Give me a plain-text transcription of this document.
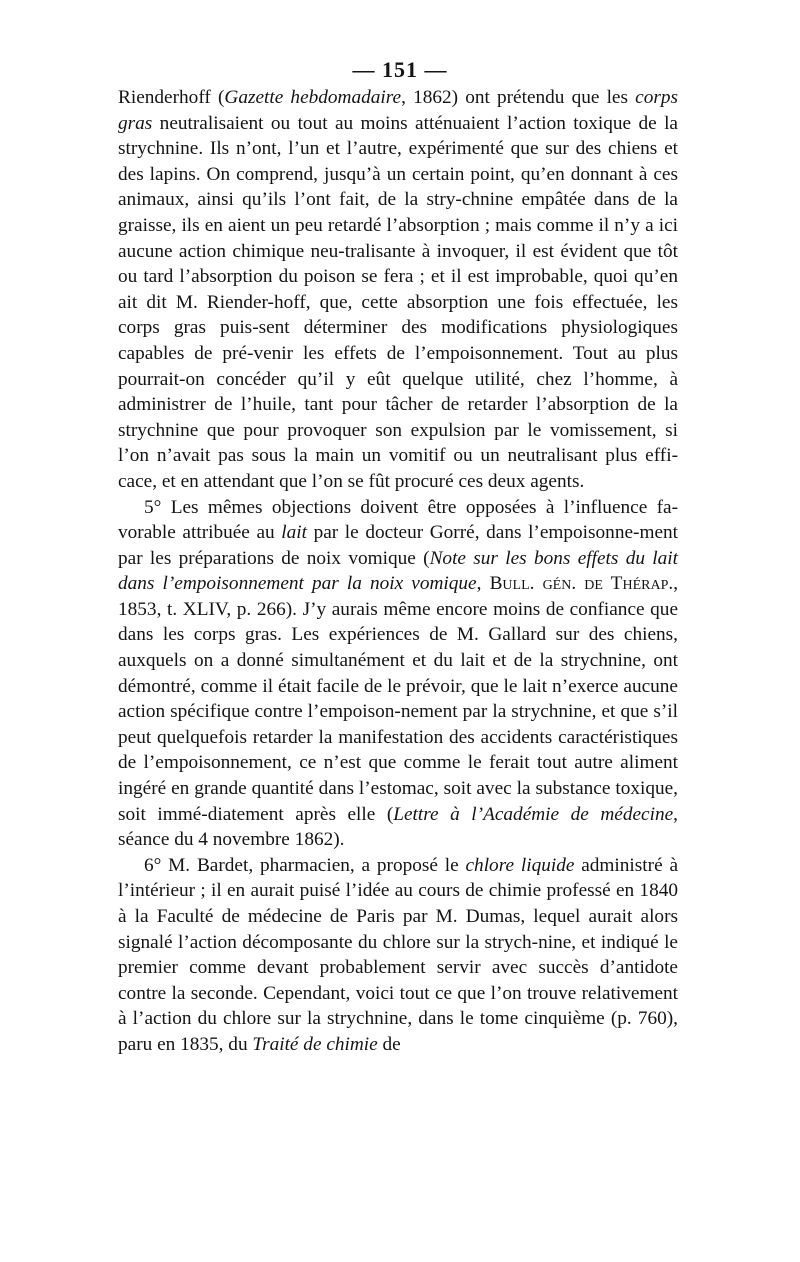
— 151 —

Rienderhoff (Gazette hebdomadaire, 1862) ont prétendu que les corps gras neutralisaient ou tout au moins atténuaient l’action toxique de la strychnine. Ils n’ont, l’un et l’autre, expérimenté que sur des chiens et des lapins. On comprend, jusqu’à un certain point, qu’en donnant à ces animaux, ainsi qu’ils l’ont fait, de la stry-chnine empâtée dans de la graisse, ils en aient un peu retardé l’absorption ; mais comme il n’y a ici aucune action chimique neu-tralisante à invoquer, il est évident que tôt ou tard l’absorption du poison se fera ; et il est improbable, quoi qu’en ait dit M. Riender-hoff, que, cette absorption une fois effectuée, les corps gras puis-sent déterminer des modifications physiologiques capables de pré-venir les effets de l’empoisonnement. Tout au plus pourrait-on concéder qu’il y eût quelque utilité, chez l’homme, à administrer de l’huile, tant pour tâcher de retarder l’absorption de la strychnine que pour provoquer son expulsion par le vomissement, si l’on n’avait pas sous la main un vomitif ou un neutralisant plus effi-cace, et en attendant que l’on se fût procuré ces deux agents.

5° Les mêmes objections doivent être opposées à l’influence fa-vorable attribuée au lait par le docteur Gorré, dans l’empoisonne-ment par les préparations de noix vomique (Note sur les bons effets du lait dans l’empoisonnement par la noix vomique, Bull. gén. de Thérap., 1853, t. XLIV, p. 266). J’y aurais même encore moins de confiance que dans les corps gras. Les expériences de M. Gallard sur des chiens, auxquels on a donné simultanément et du lait et de la strychnine, ont démontré, comme il était facile de le prévoir, que le lait n’exerce aucune action spécifique contre l’empoison-nement par la strychnine, et que s’il peut quelquefois retarder la manifestation des accidents caractéristiques de l’empoisonnement, ce n’est que comme le ferait tout autre aliment ingéré en grande quantité dans l’estomac, soit avec la substance toxique, soit immé-diatement après elle (Lettre à l’Académie de médecine, séance du 4 novembre 1862).

6° M. Bardet, pharmacien, a proposé le chlore liquide administré à l’intérieur ; il en aurait puisé l’idée au cours de chimie professé en 1840 à la Faculté de médecine de Paris par M. Dumas, lequel aurait alors signalé l’action décomposante du chlore sur la strych-nine, et indiqué le premier comme devant probablement servir avec succès d’antidote contre la seconde. Cependant, voici tout ce que l’on trouve relativement à l’action du chlore sur la strychnine, dans le tome cinquième (p. 760), paru en 1835, du Traité de chimie de
